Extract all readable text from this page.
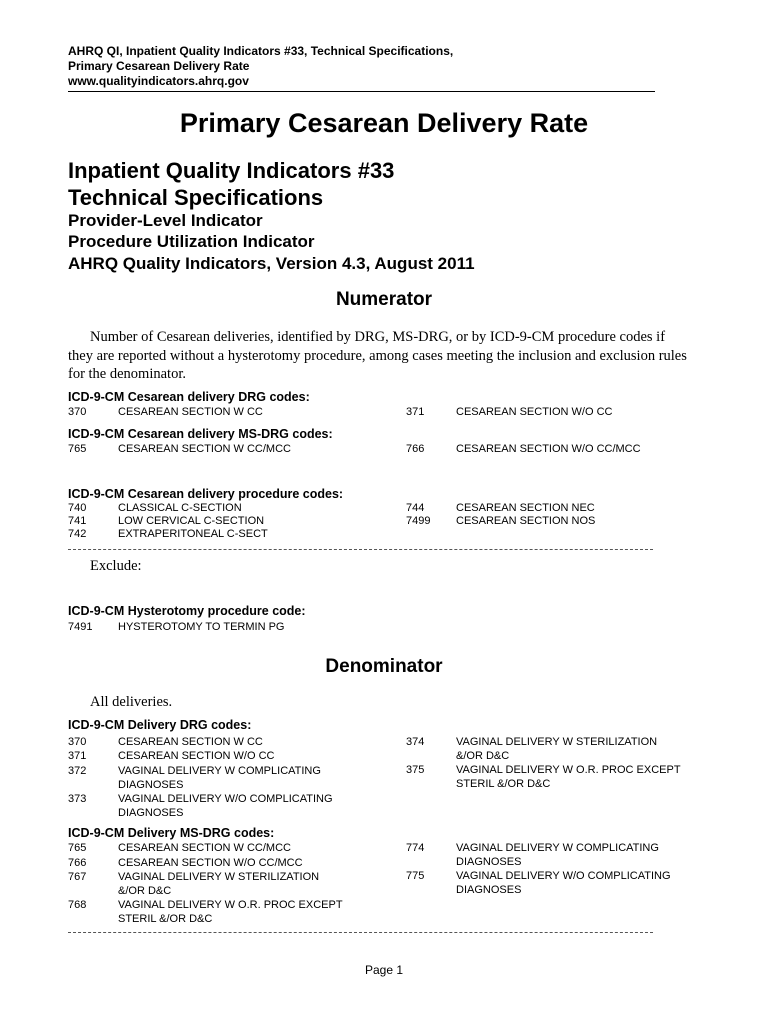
AHRQ QI, Inpatient Quality Indicators #33, Technical Specifications,
Primary Cesarean Delivery Rate
www.qualityindicators.ahrq.gov
Primary Cesarean Delivery Rate
Inpatient Quality Indicators #33
Technical Specifications
Provider-Level Indicator
Procedure Utilization Indicator
AHRQ Quality Indicators, Version 4.3, August 2011
Numerator
Number of Cesarean deliveries, identified by DRG, MS-DRG, or by ICD-9-CM procedure codes if they are reported without a hysterotomy procedure, among cases meeting the inclusion and exclusion rules for the denominator.
ICD-9-CM Cesarean delivery DRG codes:
370	CESAREAN SECTION W CC	371	CESAREAN SECTION W/O CC
ICD-9-CM Cesarean delivery MS-DRG codes:
765	CESAREAN SECTION W CC/MCC	766	CESAREAN SECTION W/O CC/MCC
ICD-9-CM Cesarean delivery procedure codes:
740	CLASSICAL C-SECTION
741	LOW CERVICAL C-SECTION
742	EXTRAPERITONEAL C-SECT
744	CESAREAN SECTION NEC
7499 CESAREAN SECTION NOS
Exclude:
ICD-9-CM Hysterotomy procedure code:
7491 HYSTEROTOMY TO TERMIN PG
Denominator
All deliveries.
ICD-9-CM Delivery DRG codes:
370	CESAREAN SECTION W CC
371	CESAREAN SECTION W/O CC
372	VAGINAL DELIVERY W COMPLICATING DIAGNOSES
373	VAGINAL DELIVERY W/O COMPLICATING DIAGNOSES
374	VAGINAL DELIVERY W STERILIZATION &/OR D&C
375	VAGINAL DELIVERY W O.R. PROC EXCEPT STERIL &/OR D&C
ICD-9-CM Delivery MS-DRG codes:
765	CESAREAN SECTION W CC/MCC
766	CESAREAN SECTION W/O CC/MCC
767	VAGINAL DELIVERY W STERILIZATION &/OR D&C
768	VAGINAL DELIVERY W O.R. PROC EXCEPT STERIL &/OR D&C
774	VAGINAL DELIVERY W COMPLICATING DIAGNOSES
775	VAGINAL DELIVERY W/O COMPLICATING DIAGNOSES
Page 1
